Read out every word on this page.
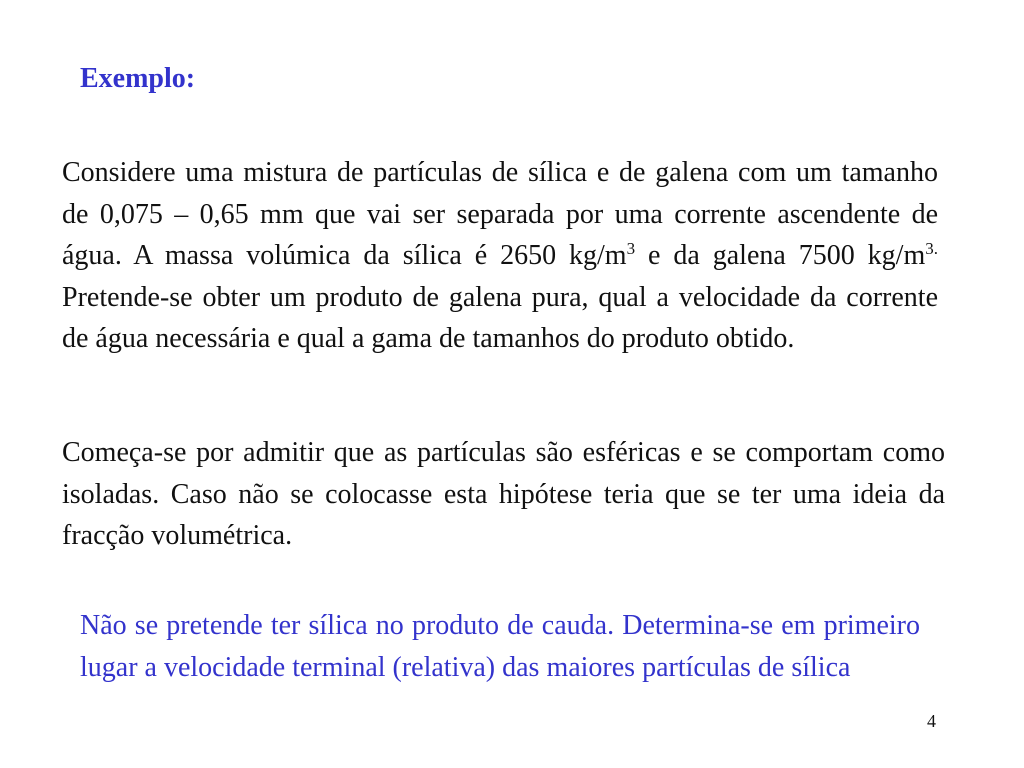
Exemplo:

Considere uma mistura de partículas de sílica e de galena com um tamanho de 0,075 – 0,65 mm que vai ser separada por uma corrente ascendente de água. A massa volúmica da sílica é 2650 $kg/m^3$ e da galena 7500 $kg/m^{3.}$ Pretende-se obter um produto de galena pura, qual a velocidade da corrente de água necessária e qual a gama de tamanhos do produto obtido.

Começa-se por admitir que as partículas são esféricas e se comportam como isoladas. Caso não se colocasse esta hipótese teria que se ter uma ideia da fracção volumétrica.

Não se pretende ter sílica no produto de cauda. Determina-se em primeiro lugar a velocidade terminal (relativa) das maiores partículas de sílica

4
